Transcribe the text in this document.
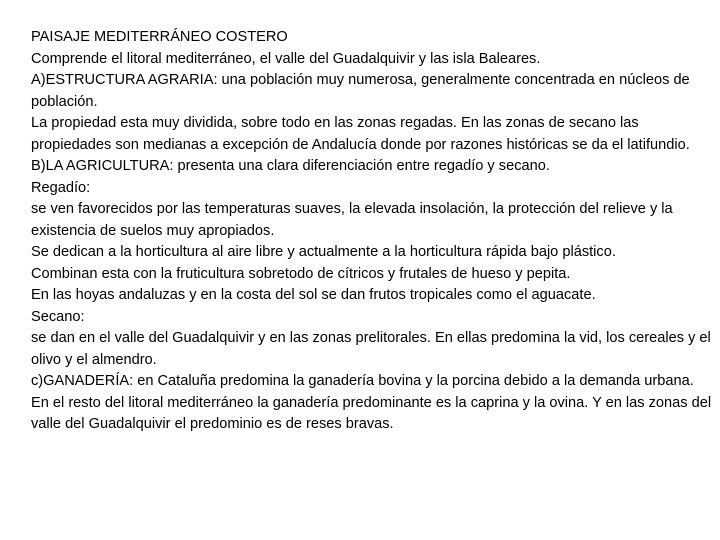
PAISAJE MEDITERRÁNEO COSTERO

Comprende el litoral mediterráneo, el valle del Guadalquivir y las isla Baleares.

A)ESTRUCTURA AGRARIA: una población muy numerosa, generalmente concentrada en núcleos de población.

La propiedad esta muy dividida, sobre todo en las zonas regadas. En las zonas de secano las propiedades son medianas a excepción de Andalucía donde por razones históricas se da el latifundio.

B)LA AGRICULTURA: presenta una clara diferenciación entre regadío y secano.

Regadío:

se ven favorecidos por las temperaturas suaves, la elevada insolación, la protección del relieve y la existencia de suelos muy apropiados.

Se dedican a la horticultura al aire libre y actualmente a la horticultura rápida bajo plástico.

Combinan esta con la fruticultura sobretodo de cítricos y frutales de hueso y pepita.

En las hoyas andaluzas y en la costa del sol se dan frutos tropicales como el aguacate.

Secano:

se dan en el valle del Guadalquivir y en las zonas prelitorales. En ellas predomina la vid, los cereales y el olivo y el almendro.

c)GANADERÍA: en Cataluña predomina la ganadería bovina y la porcina debido a la demanda urbana. En el resto del litoral mediterráneo la ganadería predominante es la caprina y la ovina. Y en las zonas del valle del Guadalquivir el predominio es de reses bravas.
